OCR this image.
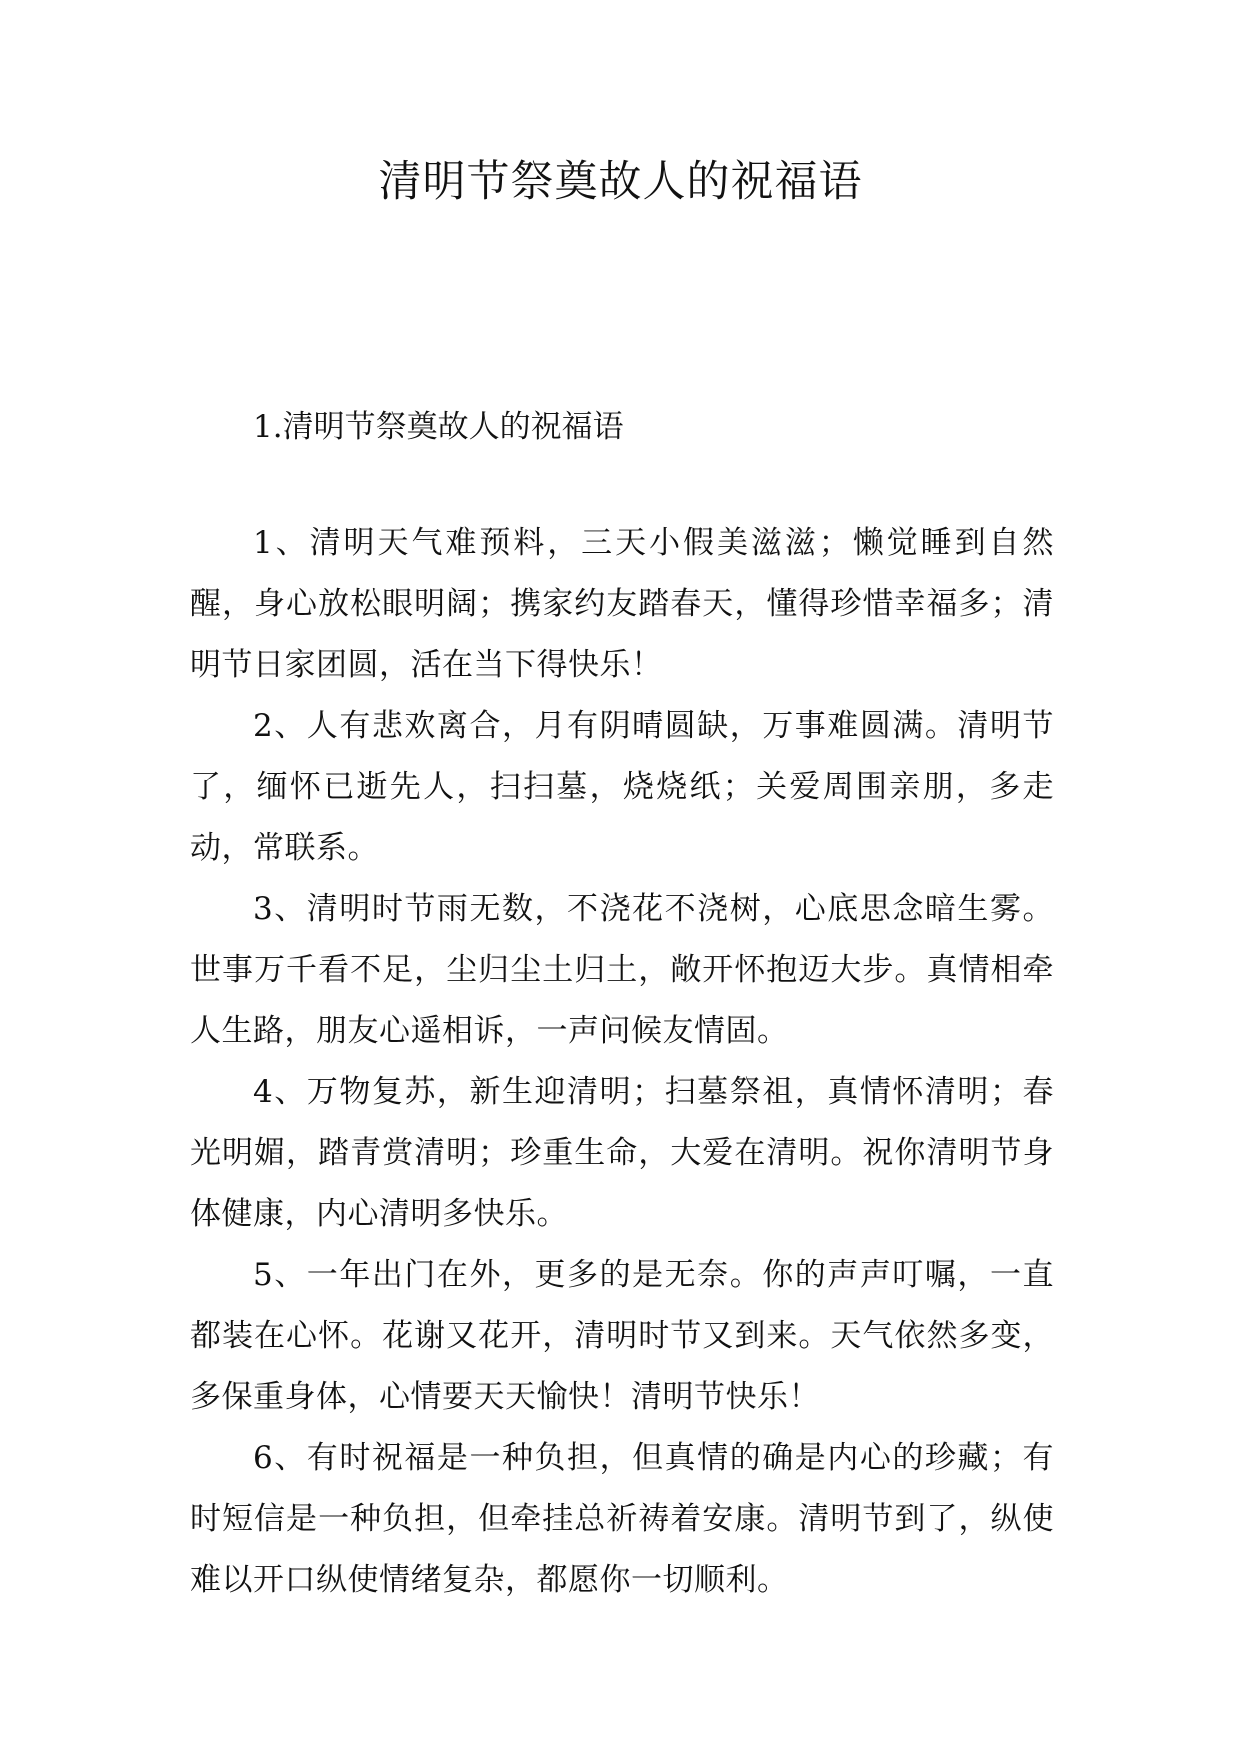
清明节祭奠故人的祝福语
1.清明节祭奠故人的祝福语

1、清明天气难预料，三天小假美滋滋；懒觉睡到自然醒，身心放松眼明阔；携家约友踏春天，懂得珍惜幸福多；清明节日家团圆，活在当下得快乐！

2、人有悲欢离合，月有阴晴圆缺，万事难圆满。清明节了，缅怀已逝先人，扫扫墓，烧烧纸；关爱周围亲朋，多走动，常联系。

3、清明时节雨无数，不浇花不浇树，心底思念暗生雾。世事万千看不足，尘归尘土归土，敞开怀抱迈大步。真情相牵人生路，朋友心遥相诉，一声问候友情固。

4、万物复苏，新生迎清明；扫墓祭祖，真情怀清明；春光明媚，踏青赏清明；珍重生命，大爱在清明。祝你清明节身体健康，内心清明多快乐。

5、一年出门在外，更多的是无奈。你的声声叮嘱，一直都装在心怀。花谢又花开，清明时节又到来。天气依然多变，多保重身体，心情要天天愉快！清明节快乐！

6、有时祝福是一种负担，但真情的确是内心的珍藏；有时短信是一种负担，但牵挂总祈祷着安康。清明节到了，纵使难以开口纵使情绪复杂，都愿你一切顺利。
